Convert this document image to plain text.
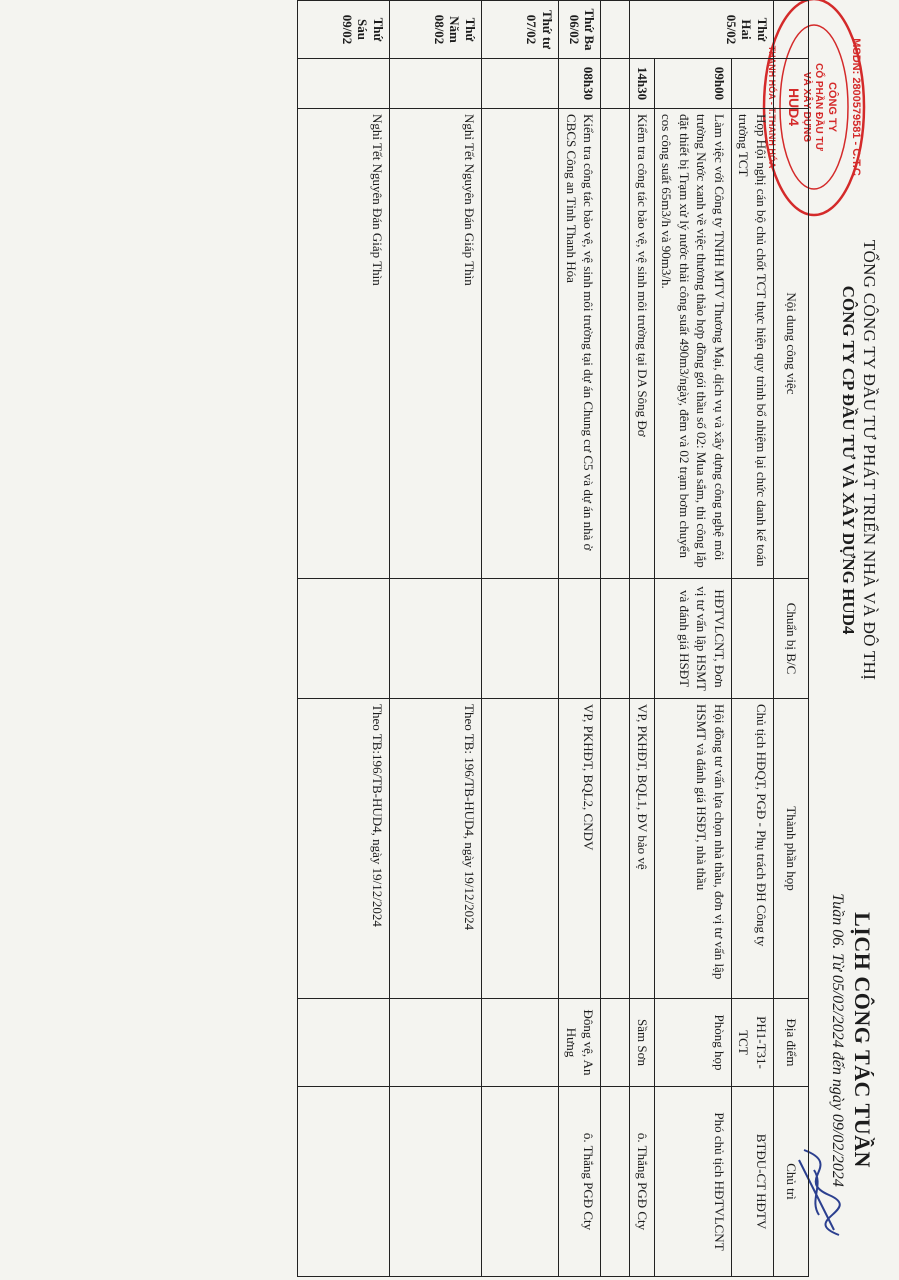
TỔNG CÔNG TY ĐẦU TƯ PHÁT TRIỂN NHÀ VÀ ĐÔ THỊ
CÔNG TY CP ĐẦU TƯ VÀ XÂY DỰNG HUD4
LỊCH CÔNG TÁC TUẦN
Tuần 06. Từ 05/02/2024 đến ngày 09/02/2024
MSDN: 2800579581 - C.T.C
CÔNG TY
CỔ PHẦN ĐẦU TƯ
VÀ XÂY DỰNG
HUD4
THANH HÓA - T.THANH HÓA
		Nội dung công việc	Chuẩn bị B/C	Thành phần họp	Địa điểm	Chủ trì
Thứ Hai 05/02		Họp Hội nghị cán bộ chủ chốt TCT thực hiện quy trình bổ nhiệm lại chức danh kế toán trưởng TCT		Chủ tịch HĐQT, PGĐ - Phụ trách ĐH Công ty	PH1-T31-TCT	BTĐU-CT HĐTV
	09h00	Làm việc với Công ty TNHH MTV Thương Mại, dịch vụ và xây dựng công nghệ môi trường Nước xanh về việc thương thảo hợp đồng gói thầu số 02: Mua sắm, thi công lắp đặt thiết bị Trạm xử lý nước thải công suất 490m3/ngày, đêm và 02 trạm bơm chuyển cos công suất 65m3/h và 90m3/h.	HĐTVLCNT, Đơn vị tư vấn lập HSMT và đánh giá HSĐT	Hội đồng tư vấn lựa chọn nhà thầu, đơn vị tư vấn lập HSMT và đánh giá HSĐT, nhà thầu	Phòng họp	Phó chủ tịch HĐTVLCNT
	14h30	Kiểm tra công tác bảo vệ, vệ sinh môi trường tại DA Sông Đơ		VP, PKHĐT, BQL1, ĐV bảo vệ	Sầm Sơn	ô. Thắng PGĐ Cty

Thứ Ba 06/02	08h30	Kiểm tra công tác bảo vệ, vệ sinh môi trường tại dự án Chung cư C5 và dự án nhà ở CBCS Công an Tỉnh Thanh Hóa		VP, PKHĐT, BQL2, CNDV	Đông vệ, An Hưng	ô. Thắng PGĐ Cty
Thứ tư 07/02						
Thứ Năm 08/02		Nghỉ Tết Nguyên Đán Giáp Thìn		Theo TB: 196/TB-HUD4, ngày 19/12/2024		
Thứ Sáu 09/02		Nghỉ Tết Nguyên Đán Giáp Thìn		Theo TB:196/TB-HUD4, ngày 19/12/2024		
